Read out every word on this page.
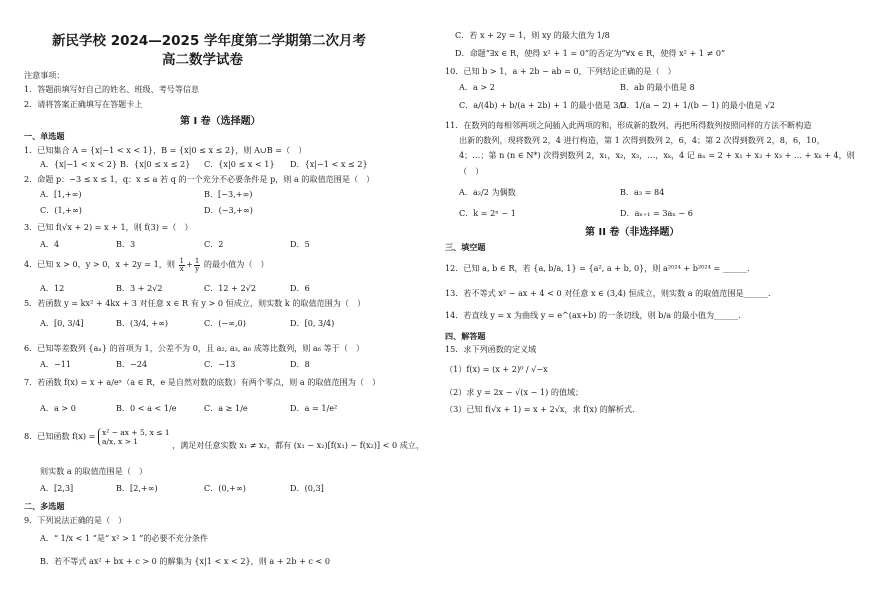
新民学校 2024—2025 学年度第二学期第二次月考
高二数学试卷
注意事项：
1．答题前填写好自己的姓名、班级、考号等信息
2．请将答案正确填写在答题卡上
第 I 卷（选择题）
一、单选题
1．已知集合 A = {x|−1 < x < 1}，B = {x|0 ≤ x ≤ 2}，则 A∪B =（　）
A．{x|−1 < x < 2} B．{x|0 ≤ x ≤ 2} C．{x|0 ≤ x < 1} D．{x|−1 < x ≤ 2}
2．命题 p：−3 ≤ x ≤ 1，q：x ≤ a 若 q 的一个充分不必要条件是 p，则 a 的取值范围是（　）
A．[1,+∞)	B．[−3,+∞)
C．(1,+∞)	D．(−3,+∞)
3．已知 f(√x + 2) = x + 1，则 f(3) =（　）
A．4	B．3	C．2	D．5
4．已知 x > 0，y > 0，x + 2y = 1，则 $\frac{1}{x} + \frac{1}{y}$ 的最小值为（　）
A．12	B．3 + 2√2	C．12 + 2√2	D．6
5．若函数 y = kx² + 4kx + 3 对任意 x ∈ R 有 y > 0 恒成立，则实数 k 的取值范围为（　）
A．[0, 3/4]	B．(3/4, +∞)	C．(−∞,0)	D．[0, 3/4)
6．已知等差数列 {aₙ} 的首项为 1，公差不为 0，且 a₂, a₃, a₆ 成等比数列，则 a₆ 等于（　）
A．−11	B．−24	C．−13	D．8
7．若函数 f(x) = x + a/eˣ（a ∈ R，e 是自然对数的底数）有两个零点，则 a 的取值范围为（　）
A．a > 0	B．0 < a < 1/e	C．a ≥ 1/e	D．a = 1/e²
8．已知函数 f(x) = x² − ax + 5, x ≤ 1
a/x, x > 1	，满足对任意实数 x₁ ≠ x₂，都有 (x₁ − x₂)[f(x₁) − f(x₂)] < 0 成立，
则实数 a 的取值范围是（　）
A．[2,3]	B．[2,+∞)	C．(0,+∞)	D．(0,3]
二、多选题
9．下列说法正确的是（　）
A．“ 1/x < 1 ”是“ x² > 1 ”的必要不充分条件
B．若不等式 ax² + bx + c > 0 的解集为 {x|1 < x < 2}，则 a + 2b + c < 0
C．若 x + 2y = 1，则 xy 的最大值为 1/8
D．命题“∃x ∈ R，使得 x² + 1 = 0”的否定为“∀x ∈ R，使得 x² + 1 ≠ 0”
10．已知 b > 1，a + 2b − ab = 0，下列结论正确的是（　）
A．a > 2	B．ab 的最小值是 8
C．a/(4b) + b/(a + 2b) + 1 的最小值是 3/2
D．1/(a − 2) + 1/(b − 1) 的最小值是 √2
11．在数列的每相邻两项之间插入此两项的和，形成新的数列，再把所得数列按照同样的方法不断构造
出新的数列，现将数列 2，4 进行构造，第 1 次得到数列 2，6，4；第 2 次得到数列 2，8，6，10，
4；…；第 n (n ∈ N*) 次得到数列 2，x₁，x₂，x₃，…，xₖ，4 记 aₙ = 2 + x₁ + x₂ + x₃ + … + xₖ + 4，则
（　）
A．a₂/2 为偶数	B．a₃ = 84
C．k = 2ⁿ − 1	D．aₙ₊₁ = 3aₙ − 6
第 II 卷（非选择题）
三、填空题
12．已知 a, b ∈ R，若 {a, b/a, 1} = {a², a + b, 0}，则 a²⁰²⁴ + b²⁰²⁴ = ______．
13．若不等式 x² − ax + 4 < 0 对任意 x ∈ (3,4) 恒成立，则实数 a 的取值范围是______．
14．若直线 y = x 为曲线 y = e^(ax+b) 的一条切线，则 b/a 的最小值为______．
四、解答题
15．求下列函数的定义域
（1）f(x) = (x + 2)⁰ / √−x
（2）求 y = 2x − √(x − 1) 的值域；
（3）已知 f(√x + 1) = x + 2√x，求 f(x) 的解析式．
